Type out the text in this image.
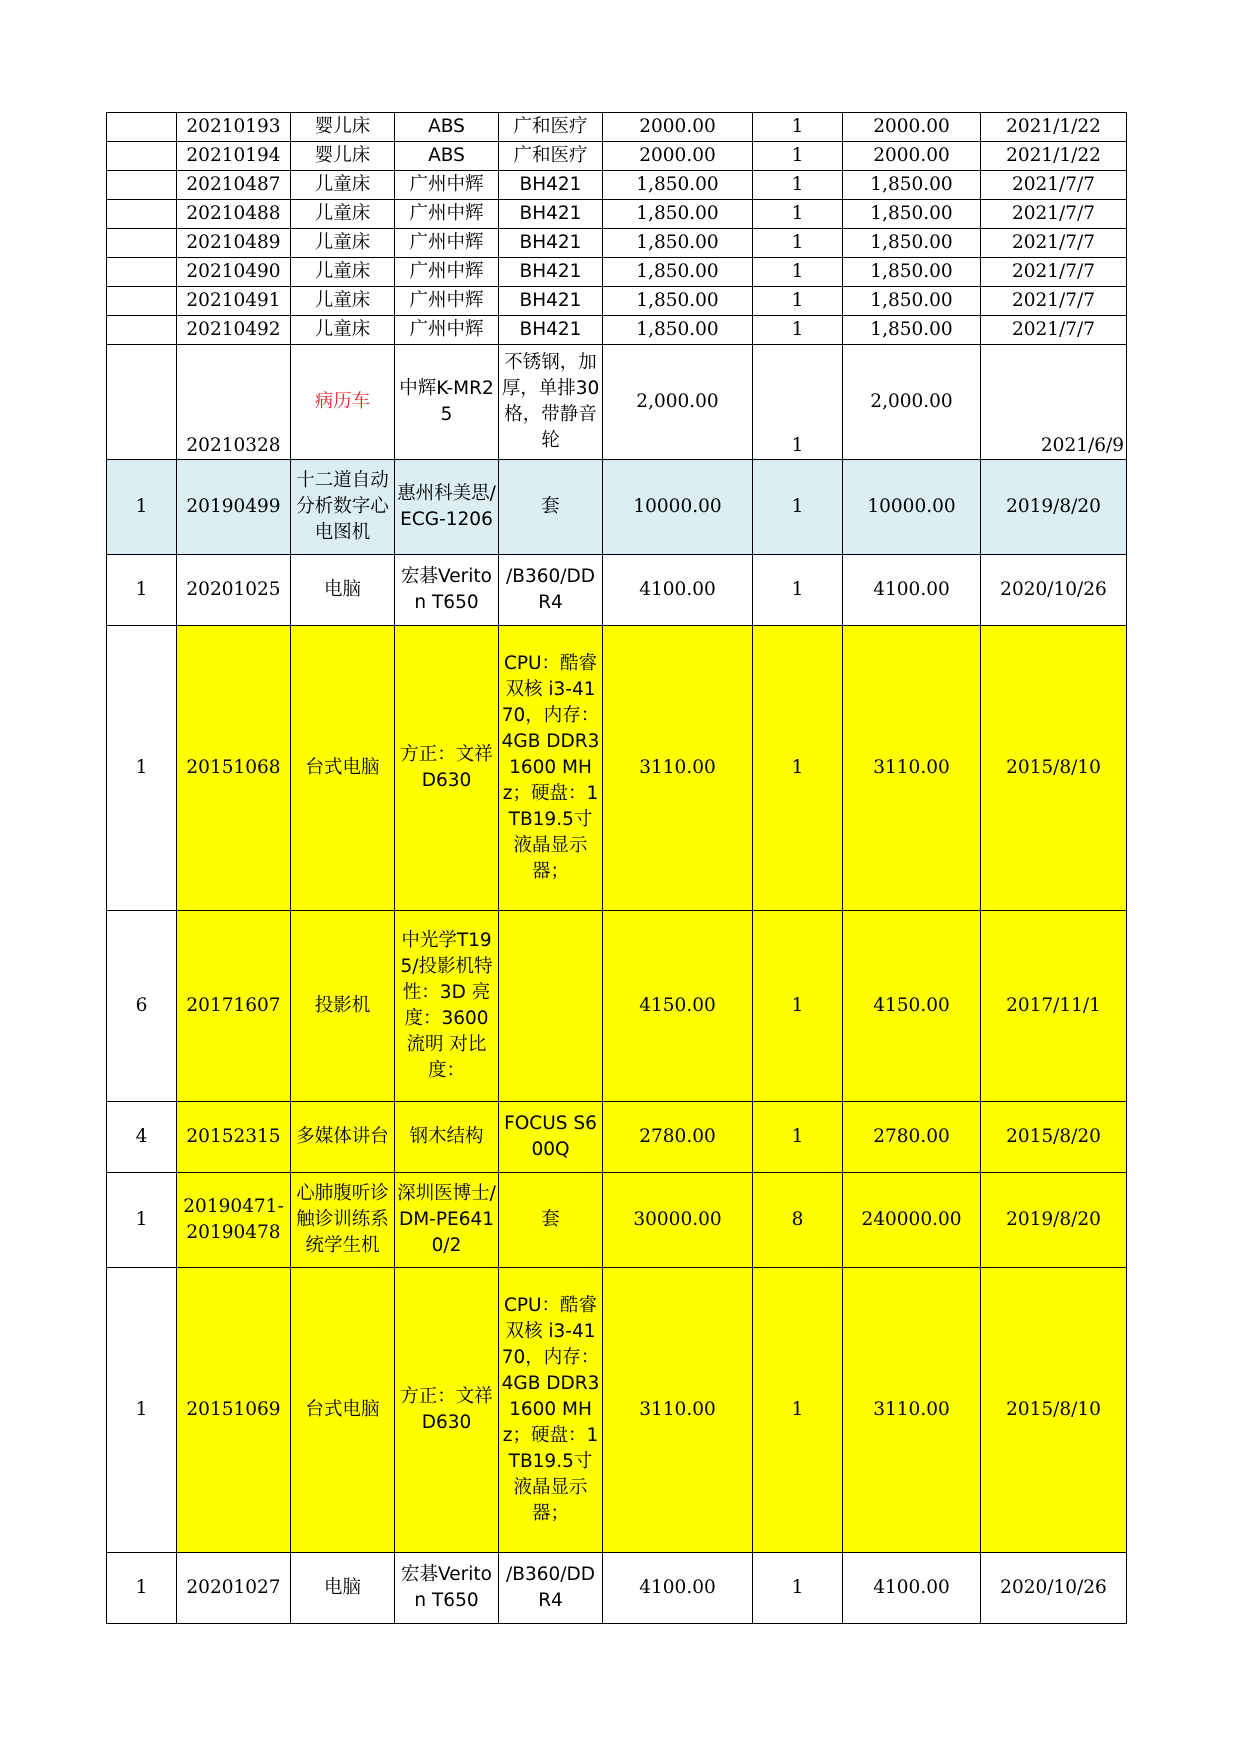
	20210193	婴儿床	ABS	广和医疗	2000.00	1	2000.00	2021/1/22
	20210194	婴儿床	ABS	广和医疗	2000.00	1	2000.00	2021/1/22
	20210487	儿童床	广州中辉	BH421	1,850.00	1	1,850.00	2021/7/7
	20210488	儿童床	广州中辉	BH421	1,850.00	1	1,850.00	2021/7/7
	20210489	儿童床	广州中辉	BH421	1,850.00	1	1,850.00	2021/7/7
	20210490	儿童床	广州中辉	BH421	1,850.00	1	1,850.00	2021/7/7
	20210491	儿童床	广州中辉	BH421	1,850.00	1	1,850.00	2021/7/7
	20210492	儿童床	广州中辉	BH421	1,850.00	1	1,850.00	2021/7/7
	20210328	病历车	中辉K-MR25	不锈钢，加厚，单排30格，带静音轮	2,000.00	1	2,000.00	2021/6/9
1	20190499	十二道自动分析数字心电图机	惠州科美思/ECG-1206	套	10000.00	1	10000.00	2019/8/20
1	20201025	电脑	宏碁Veriton T650	/B360/DDR4	4100.00	1	4100.00	2020/10/26
1	20151068	台式电脑	方正：文祥D630	CPU：酷睿双核 i3-4170，内存：4GB DDR3 1600 MHz；硬盘：1TB19.5寸液晶显示器；	3110.00	1	3110.00	2015/8/10
6	20171607	投影机	中光学T195/投影机特性：3D 亮度：3600流明 对比度：		4150.00	1	4150.00	2017/11/1
4	20152315	多媒体讲台	钢木结构	FOCUS S600Q	2780.00	1	2780.00	2015/8/20
1	20190471-20190478	心肺腹听诊触诊训练系统学生机	深圳医博士/DM-PE6410/2	套	30000.00	8	240000.00	2019/8/20
1	20151069	台式电脑	方正：文祥D630	CPU：酷睿双核 i3-4170，内存：4GB DDR3 1600 MHz；硬盘：1TB19.5寸液晶显示器；	3110.00	1	3110.00	2015/8/10
1	20201027	电脑	宏碁Veriton T650	/B360/DDR4	4100.00	1	4100.00	2020/10/26
